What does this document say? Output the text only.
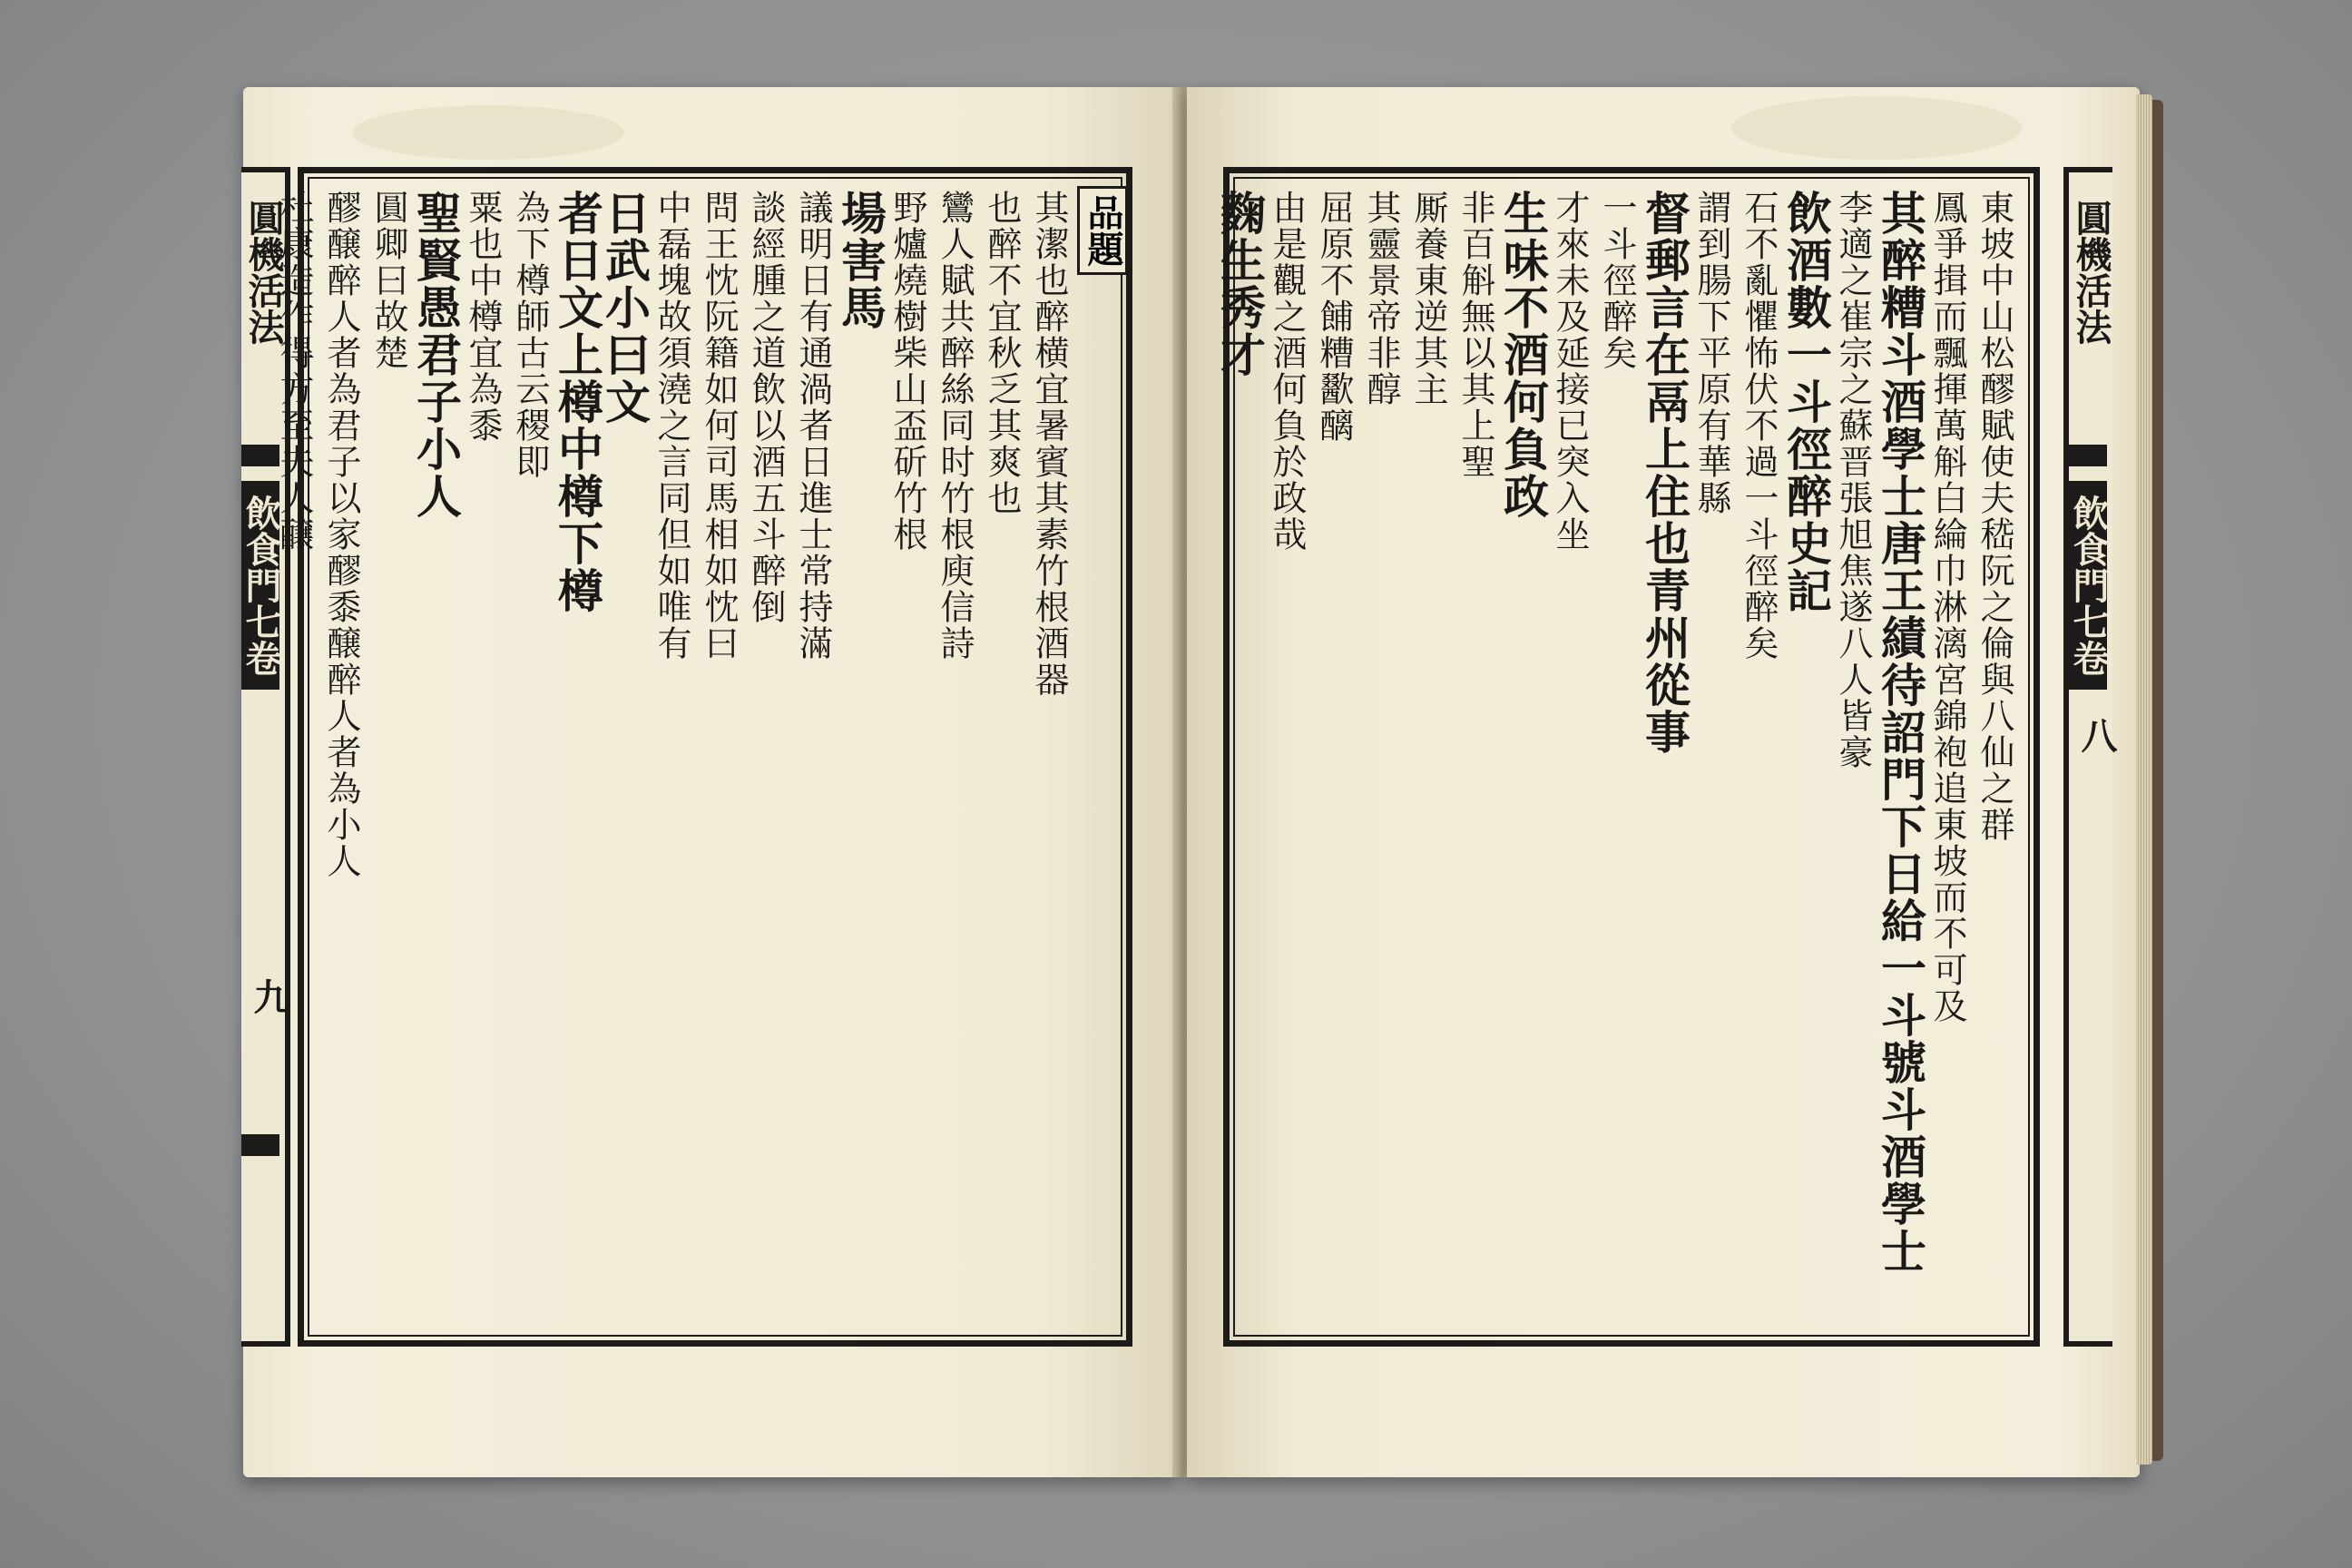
圓機活法
飲食門七卷
九
品題
其潔也醉横宜暑賓其素竹根酒器
也醉不宜秋乏其爽也
鸞人賦共醉絲同时竹根庾信詩
野爐燒樹柴山盃斫竹根
場害馬
議明日有通渦者日進士常持滿
談經腫之道飲以酒五斗醉倒
問王忱阮籍如何司馬相如忱曰
中磊塊故須澆之言同但如唯有
日武小曰文
者日文上樽中樽下樽
為下樽師古云稷即
粟也中樽宜為黍
聖賢愚君子小人
圓卿曰故楚
醪醸醉人者為君子以家醪黍醸醉人者為小人
杜康造作得方至夫人醸	東坡中山松醪賦使夫嵇阮之倫與八仙之群
鳳爭揖而飄揮萬斛白綸巾淋漓宮錦袍追東坡而不可及
其醉糟斗酒學士唐王績待詔門下日給一斗號斗酒學士
李適之崔宗之蘇晋張旭焦遂八人皆豪
飲酒數一斗徑醉史記
石不亂懼怖伏不過一斗徑醉矣
謂到腸下平原有華縣
督郵言在鬲上住也青州從事
一斗徑醉矣
才來未及延接已突入坐
生味不酒何負政
非百斛無以其上聖
厮養東逆其主
其靈景帝非醇
屈原不餔糟歠醨
由是觀之酒何負於政哉
麴生秀才	圓機活法
飲食門七卷
八
